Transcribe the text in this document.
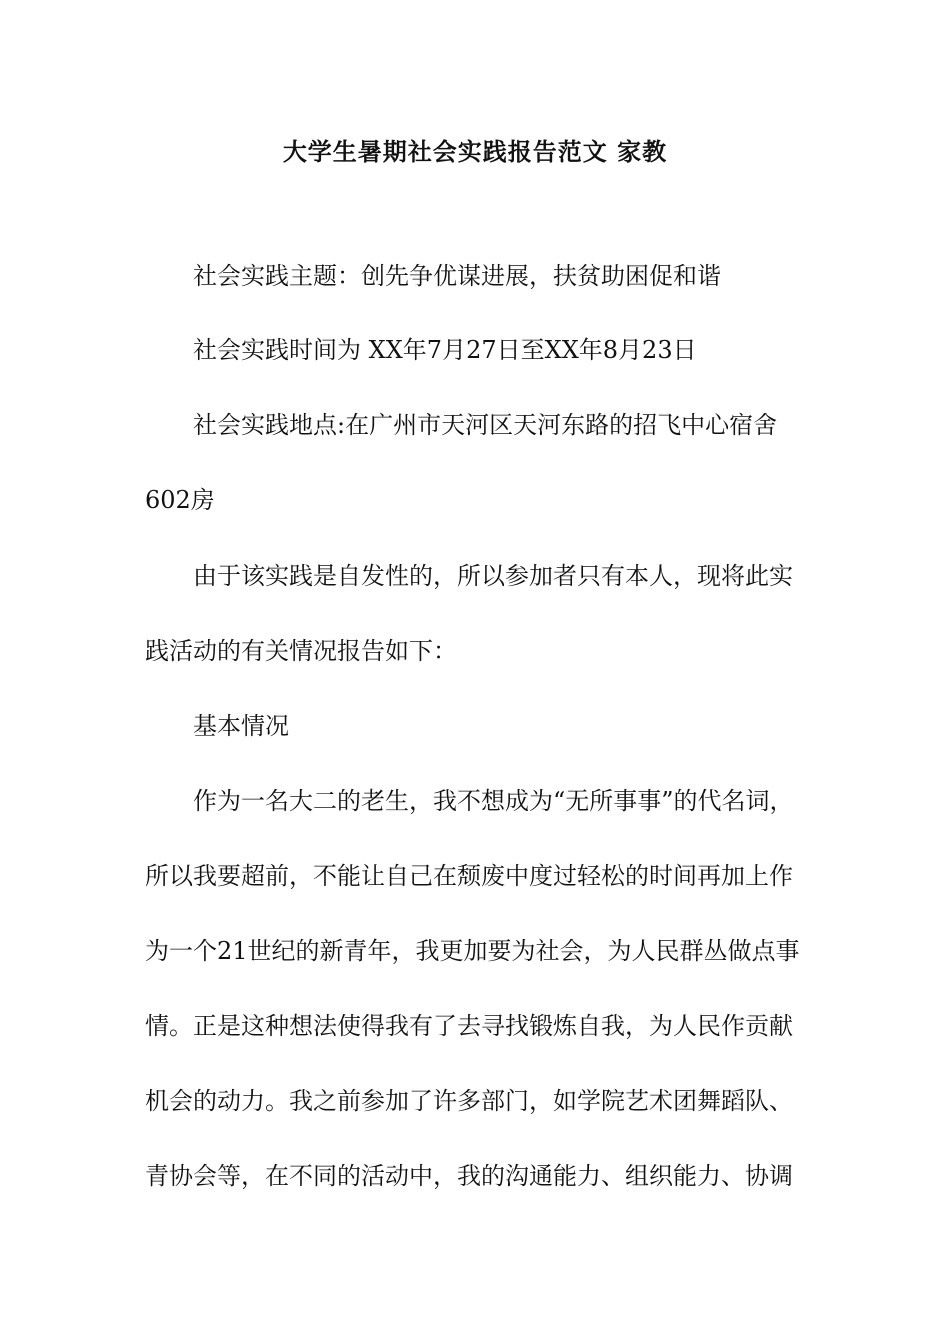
大学生暑期社会实践报告范文 家教
社会实践主题：创先争优谋进展，扶贫助困促和谐
社会实践时间为 XX年7月27日至XX年8月23日
社会实践地点:在广州市天河区天河东路的招飞中心宿舍
602房
由于该实践是自发性的，所以参加者只有本人，现将此实
践活动的有关情况报告如下：
基本情况
作为一名大二的老生，我不想成为“无所事事”的代名词，
所以我要超前，不能让自己在颓废中度过轻松的时间再加上作
为一个21世纪的新青年，我更加要为社会，为人民群丛做点事
情。正是这种想法使得我有了去寻找锻炼自我，为人民作贡献
机会的动力。我之前参加了许多部门，如学院艺术团舞蹈队、
青协会等，在不同的活动中，我的沟通能力、组织能力、协调
